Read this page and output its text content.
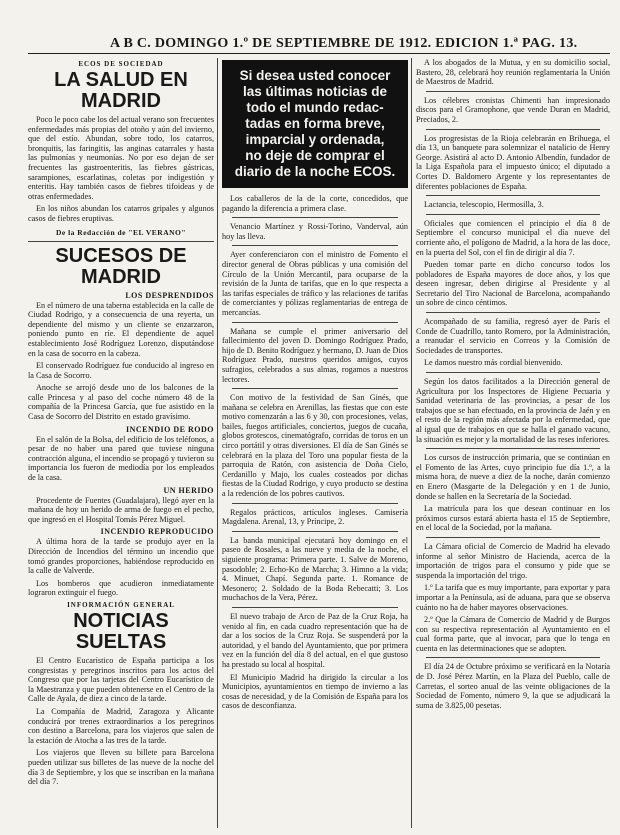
A B C. DOMINGO 1.º DE SEPTIEMBRE DE 1912. EDICION 1.ª PAG. 13.
ECOS DE SOCIEDAD
LA SALUD EN MADRID

Poco le poco cabe los del actual verano son frecuentes enfermedades más propias del otoño y aún del invierno, que del estío. Abundan, sobre todo, los catarros, bronquitis, las faringitis, las anginas catarrales y hasta las pulmonías y neumonías. No por eso dejan de ser frecuentes las gastroenteritis, las fiebres gástricas, sarampiones, escarlatinas, coletas por indigestión y enteritis. Hay también casos de fiebres tifoideas y de otras enfermedades.

En los niños abundan los catarros gripales y algunos casos de fiebres eruptivas.

De la Redacción de "EL VERANO"
SUCESOS DE MADRID
LOS DESPRENDIDOS

En el número de una taberna establecida en la calle de Ciudad Rodrigo, y a consecuencia de una reyerta, un dependiente del mismo y un cliente se enzarzaron, poniendo punto en ríe. El dependiente de aquel establecimiento José Rodríguez Lorenzo, disputándose en la casa de socorro en la cabeza.

El conservado Rodríguez fue conducido al ingreso en la Casa de Socorro.

Anoche se arrojó desde uno de los balcones de la calle Princesa y al paso del coche número 48 de la compañía de la Princesa García, que fue asistido en la Casa de Socorro del Distrito en estado gravísimo.

INCENDIO DE RODO

En el salón de la Bolsa, del edificio de los teléfonos, a pesar de no haber una pared que tuviese ninguna contracción alguna, el incendio se propagó y tuvieron su importancia los fueron de mediodía por los empleados de la casa.

UN HERIDO

Procedente de Fuentes (Guadalajara), llegó ayer en la mañana de hoy un herido de arma de fuego en el pecho, que ingresó en el Hospital Tomás Pérez Miguel.

INCENDIO REPRODUCIDO

A última hora de la tarde se produjo ayer en la Dirección de Incendios del término un incendio que tomó grandes proporciones, habiéndose reproducido en la calle de Valverde.

Los bomberos que acudieron inmediatamente lograron extinguir el fuego.

INFORMACIÓN GENERAL
NOTICIAS SUELTAS

El Centro Eucarístico de España participa a los congresistas y peregrinos inscritos para los actos del Congreso que por las tarjetas del Centro Eucarístico de la Maestranza y que pueden obtenerse en el Centro de la Calle de Ayala, de diez a cinco de la tarde.

La Compañía de Madrid, Zaragoza y Alicante conducirá por trenes extraordinarios a los peregrinos con destino a Barcelona, para los viajeros que salen de la estación de Atocha a las tres de la tarde.

Los viajeros que lleven su billete para Barcelona pueden utilizar sus billetes de las nueve de la noche del día 3 de Septiembre, y los que se inscriban en la mañana del día 7.

Si desea usted conocer
las últimas noticias de
todo el mundo redac-
tadas en forma breve,
imparcial y ordenada,
no deje de comprar el
diario de la noche ECOS.

Los caballeros de la de la corte, concedidos, que pagando la diferencia a primera clase.

Venancio Martínez y Rossi-Torino, Vanderval, aún hoy las lleva.

Ayer conferenciaron con el ministro de Fomento el director general de Obras públicas y una comisión del Círculo de la Unión Mercantil, para ocuparse de la revisión de la Junta de tarifas, que en lo que respecta a las tarifas especiales de tráfico y las relaciones de tarifas de comerciantes y pólizas reglamentarias de entrega de mercancías.

Mañana se cumple el primer aniversario del fallecimiento del joven D. Domingo Rodríguez Prado, hijo de D. Benito Rodríguez y hermano, D. Juan de Dios Rodríguez Prado, nuestros queridos amigos, cuyos sufragios, celebrados a sus almas, rogamos a nuestros lectores.

Con motivo de la festividad de San Ginés, que mañana se celebra en Arenillas, las fiestas que con este motivo comenzarán a las 6 y 30, con procesiones, velas, bailes, fuegos artificiales, conciertos, juegos de cucaña, globos grotescos, cinematógrafo, corridas de toros en un circo portátil y otras diversiones. El día de San Ginés se celebrará en la plaza del Toro una popular fiesta de la parroquia de Ratón, con asistencia de Doña Cielo, Cerdanillo y Majo, los cuales costeados por dichas fiestas de la Ciudad Rodrigo, y cuyo producto se destina a la redención de los pobres cautivos.

Regalos prácticos, artículos ingleses. Camisería Magdalena. Arenal, 13, y Príncipe, 2.

La banda municipal ejecutará hoy domingo en el paseo de Rosales, a las nueve y media de la noche, el siguiente programa: Primera parte. 1. Salve de Moreno, pasodoble; 2. Echo-Ko de Marcha; 3. Himno a la vida; 4. Minuet, Chapí. Segunda parte. 1. Romance de Mesonero; 2. Soldado de la Boda Rebecatti; 3. Los muchachos de la Vera, Pérez.

El nuevo trabajo de Arco de Paz de la Cruz Roja, ha venido al fin, en cada cuadro representación que ha de dar a los socios de la Cruz Roja. Se suspenderá por la autoridad, y el bando del Ayuntamiento, que por primera vez en la función del día 8 del actual, en el que gustoso ha prestado su local al hospital.

El Municipio Madrid ha dirigido la circular a los Municipios, ayuntamientos en tiempo de invierno a las cosas de necesidad, y de la Comisión de España para los casos de desconfianza.

A los abogados de la Mutua, y en su domicilio social, Bastero, 28, celebrará hoy reunión reglamentaria la Unión de Maestros de Madrid.

Los célebres cronistas Chimenti han impresionado discos para el Gramophone, que vende Duran en Madrid, Preciados, 2.

Los progresistas de la Rioja celebrarán en Brihuega, el día 13, un banquete para solemnizar el natalicio de Henry George. Asistirá al acto D. Antonio Albendín, fundador de la Liga Española para el impuesto único; el diputado a Cortes D. Baldomero Argente y los representantes de diferentes poblaciones de España.

Lactancia, telescopio, Hermosilla, 3.

Oficiales que comiencen el principio el día 8 de Septiembre el concurso municipal el día nueve del corriente año, el polígono de Madrid, a la hora de las doce, en la puerta del Sol, con el fin de dirigir al día 7.

Pueden tomar parte en dicho concurso todos los pobladores de España mayores de doce años, y los que deseen ingresar, deben dirigirse al Presidente y al Secretario del Tiro Nacional de Barcelona, acompañando un sobre de cinco céntimos.

Acompañado de su familia, regresó ayer de París el Conde de Cuadrillo, tanto Romero, por la Administración, a reanudar el servicio en Correos y la Comisión de Sociedades de transportes.

Le damos nuestro más cordial bienvenido.

Según los datos facilitados a la Dirección general de Agricultura por los Inspectores de Higiene Pecuaria y Sanidad veterinaria de las provincias, a pesar de los trabajos que se han efectuado, en la provincia de Jaén y en el resto de la región más afectada por la enfermedad, que al igual que de trabajos en que se halla el ganado vacuno, la situación es mejor y la mortalidad de las reses inferiores.

Los cursos de instrucción primaria, que se continúan en el Fomento de las Artes, cuyo principio fue día 1.º, a la misma hora, de nueve a diez de la noche, darán comienzo en Enero (Masgarte de la Delegación y en 1 de Junio, donde se hallen en la Secretaría de la Sociedad.

La matrícula para los que desean continuar en los próximos cursos estará abierta hasta el 15 de Septiembre, en el local de la Sociedad, por la mañana.

La Cámara oficial de Comercio de Madrid ha elevado informe al señor Ministro de Hacienda, acerca de la importación de trigos para el consumo y pide que se suspenda la importación del trigo.

1.º La tarifa que es muy importante, para exportar y para importar a la Península, así de aduana, para que se observa cuánto no ha de haber mayores observaciones.

2.º Que la Cámara de Comercio de Madrid y de Burgos con su respectiva representación al Ayuntamiento en el cual forma parte, que al invocar, para que lo tenga en cuenta en las determinaciones que se adopten.

El día 24 de Octubre próximo se verificará en la Notaría de D. José Pérez Martín, en la Plaza del Pueblo, calle de Carretas, el sorteo anual de las veinte obligaciones de la Sociedad de Fomento, número 9, la que se adjudicará la suma de 3.825,00 pesetas.
